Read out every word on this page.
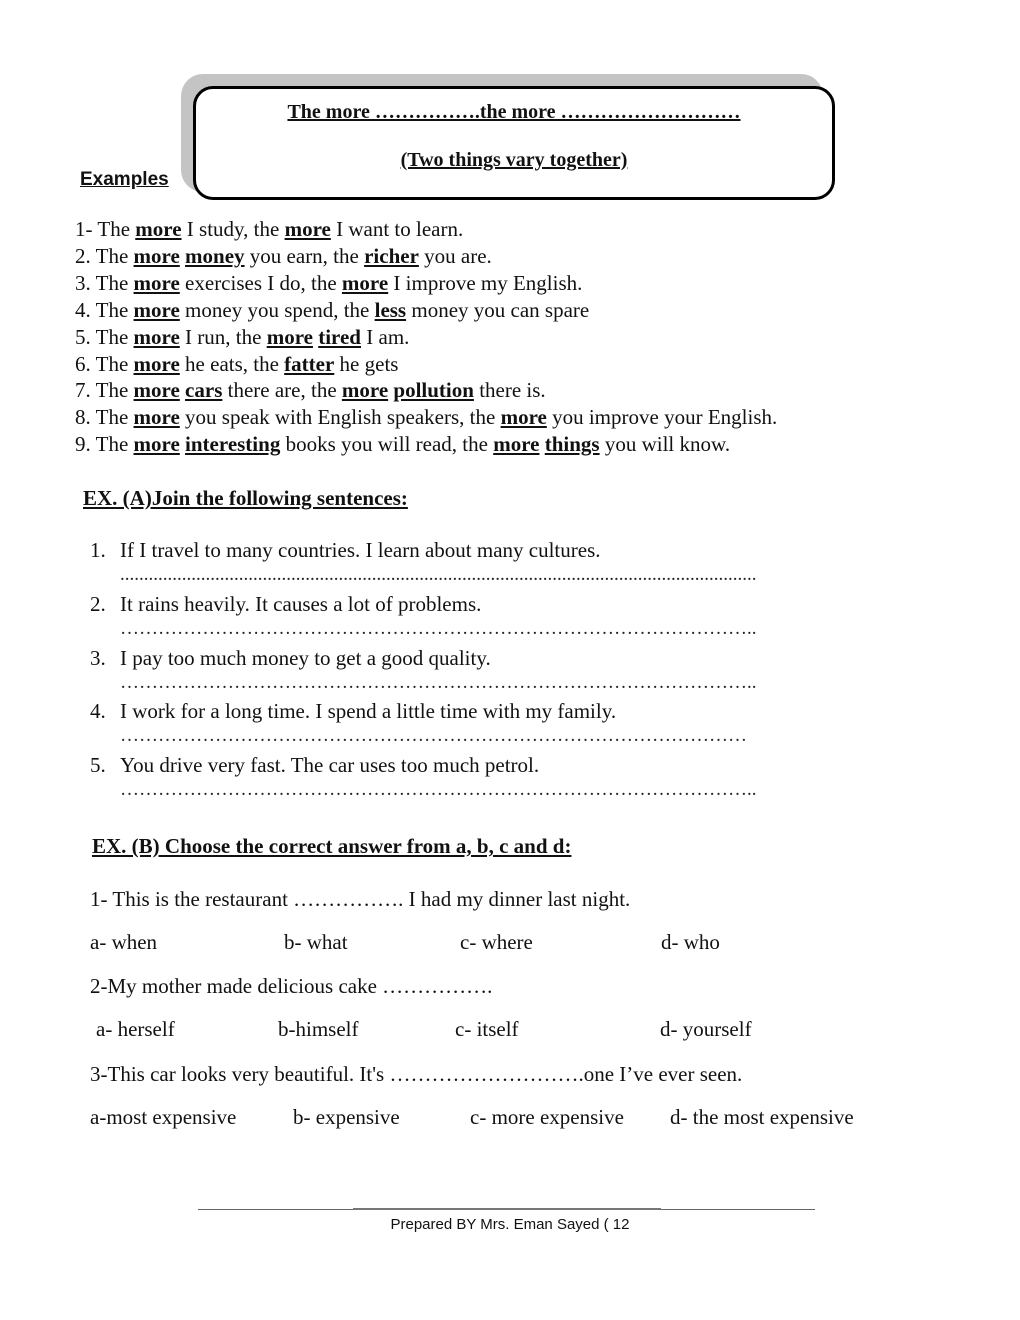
The more …………….the more ………………………
(Two things vary together)
Examples
1- The more I study, the more I want to learn.
2. The more money you earn, the richer you are.
3. The more exercises I do, the more I improve my English.
4. The more money you spend, the less money you can spare
5. The more I run, the more tired I am.
6. The more he eats, the fatter he gets
7. The more cars there are, the more pollution there is.
8. The more you speak with English speakers, the more you improve your English.
9. The more interesting books you will read, the more things you will know.
EX. (A)Join the following sentences:
1. If I travel to many countries. I learn about many cultures.
......................................................................................................................................
2. It rains heavily. It causes a lot of problems.
………………………………………………………………………………………..
3. I pay too much money to get a good quality.
………………………………………………………………………………………..
4. I work for a long time. I spend a little time with my family.
………………………………………………………………………………………
5. You drive very fast. The car uses too much petrol.
………………………………………………………………………………………..
EX. (B) Choose the correct answer from a, b, c and d:
1- This is the restaurant ……………. I had my dinner last night.
a- when	b- what	c- where	d- who
2-My mother made delicious cake …………….
a- herself	b-himself	c- itself	d- yourself
3-This car looks very beautiful. It's ……………………….one I’ve ever seen.
a-most expensive	b- expensive	c- more expensive d- the most expensive
Prepared BY Mrs. Eman Sayed ( 12
